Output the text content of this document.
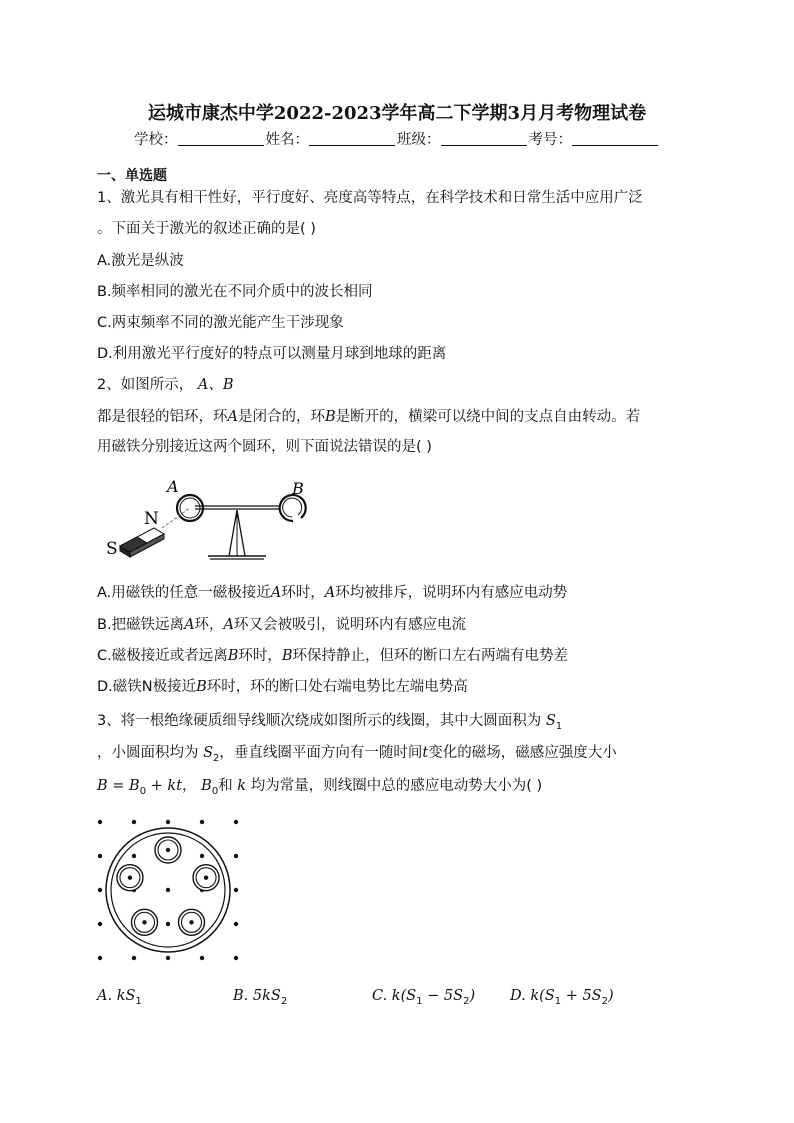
运城市康杰中学2022-2023学年高二下学期3月月考物理试卷
学校：	姓名：	班级：	考号：
一、单选题
1、激光具有相干性好，平行度好、亮度高等特点，在科学技术和日常生活中应用广泛
。下面关于激光的叙述正确的是( )
A.激光是纵波
B.频率相同的激光在不同介质中的波长相同
C.两束频率不同的激光能产生干涉现象
D.利用激光平行度好的特点可以测量月球到地球的距离
2、如图所示， A、B
都是很轻的铝环，环A是闭合的，环B是断开的，横梁可以绕中间的支点自由转动。若
用磁铁分别接近这两个圆环，则下面说法错误的是( )
A	B
N
S
A.用磁铁的任意一磁极接近A环时，A环均被排斥，说明环内有感应电动势
B.把磁铁远离A环，A环又会被吸引，说明环内有感应电流
C.磁极接近或者远离B环时，B环保持静止，但环的断口左右两端有电势差
D.磁铁N极接近B环时，环的断口处右端电势比左端电势高
3、将一根绝缘硬质细导线顺次绕成如图所示的线圈，其中大圆面积为 $S_1$
，小圆面积均为 $S_2$，垂直线圈平面方向有一随时间t变化的磁场，磁感应强度大小
$B = B_0$ + kt， $B_0$和 k 均为常量，则线圈中总的感应电动势大小为( )
A. $kS_1$	B. $5kS_2$	C. $k(S_1 - 5S_2)$ D. $k(S_1 + 5S_2)$
